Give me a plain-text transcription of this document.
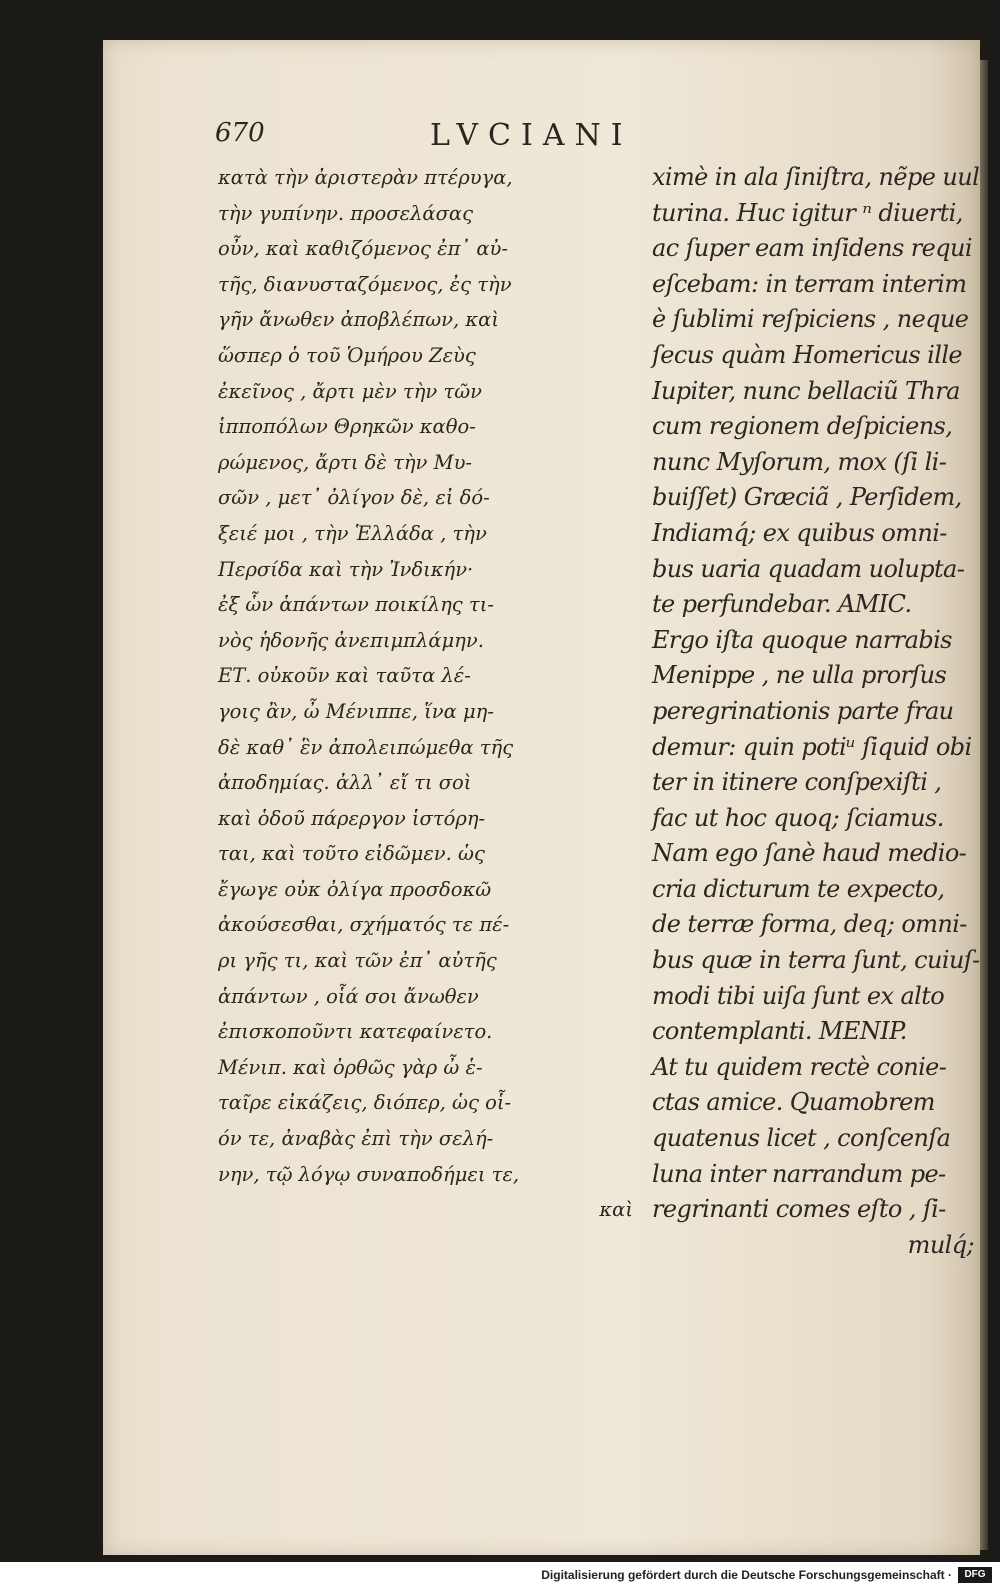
670	LVCIANI
κατὰ τὴν ἀριστερὰν πτέρυγα,
τὴν γυπίνην. προσελάσας
οὖν, καὶ καθιζόμενος ἐπ᾽ αὐ-
τῆς, διανυσταζόμενος, ἐς τὴν
γῆν ἄνωθεν ἀποβλέπων, καὶ
ὥσπερ ὁ τοῦ Ὁμήρου Ζεὺς
ἐκεῖνος , ἄρτι μὲν τὴν τῶν
ἱπποπόλων Θρηκῶν καθο-
ρώμενος, ἄρτι δὲ τὴν Μυ-
σῶν , μετ᾽ ὀλίγον δὲ, εἰ δό-
ξειέ μοι , τὴν Ἑλλάδα , τὴν
Περσίδα καὶ τὴν Ἰνδικήν·
ἐξ ὧν ἁπάντων ποικίλης τι-
νὸς ἡδονῆς ἀνεπιμπλάμην.
ΕΤ. οὐκοῦν καὶ ταῦτα λέ-
γοις ἂν, ὦ Μένιππε, ἵνα μη-
δὲ καθ᾽ ἓν ἀπολειπώμεθα τῆς
ἀποδημίας. ἀλλ᾽ εἴ τι σοὶ
καὶ ὁδοῦ πάρεργον ἱστόρη-
ται, καὶ τοῦτο εἰδῶμεν. ὡς
ἔγωγε οὐκ ὀλίγα προσδοκῶ
ἀκούσεσθαι, σχήματός τε πέ-
ρι γῆς τι, καὶ τῶν ἐπ᾽ αὐτῆς
ἁπάντων , οἷά σοι ἄνωθεν
ἐπισκοποῦντι κατεφαίνετο.
Μένιπ. καὶ ὀρθῶς γὰρ ὦ ἑ-
ταῖρε εἰκάζεις, διόπερ, ὡς οἷ-
όν τε, ἀναβὰς ἐπὶ τὴν σελή-
νην, τῷ λόγῳ συναποδήμει τε,
καὶ
ximè in ala ſiniſtra, nẽpe uul
turina. Huc igitur ⁿ diuerti,
ac ſuper eam inſidens requi
eſcebam: in terram interim
è ſublimi reſpiciens , neque
ſecus quàm Homericus ille
Iupiter, nunc bellaciũ Thra
cum regionem deſpiciens,
nunc Myſorum, mox (ſi li-
buiſſet) Græciã , Perſidem,
Indiamq́; ex quibus omni-
bus uaria quadam uolupta-
te perfundebar. AMIC.
Ergo iſta quoque narrabis
Menippe , ne ulla prorſus
peregrinationis parte frau
demur: quin potiᵘ ſiquid obi
ter in itinere conſpexiſti ,
fac ut hoc quoq; ſciamus.
Nam ego ſanè haud medio-
cria dicturum te expecto,
de terræ forma, deq; omni-
bus quæ in terra ſunt, cuiuſ-
modi tibi uiſa ſunt ex alto
contemplanti. MENIP.
At tu quidem rectè conie-
ctas amice. Quamobrem
quatenus licet , conſcenſa
luna inter narrandum pe-
regrinanti comes eſto , ſi-
mulq́;
Digitalisierung gefördert durch die Deutsche Forschungsgemeinschaft ·	DFG
